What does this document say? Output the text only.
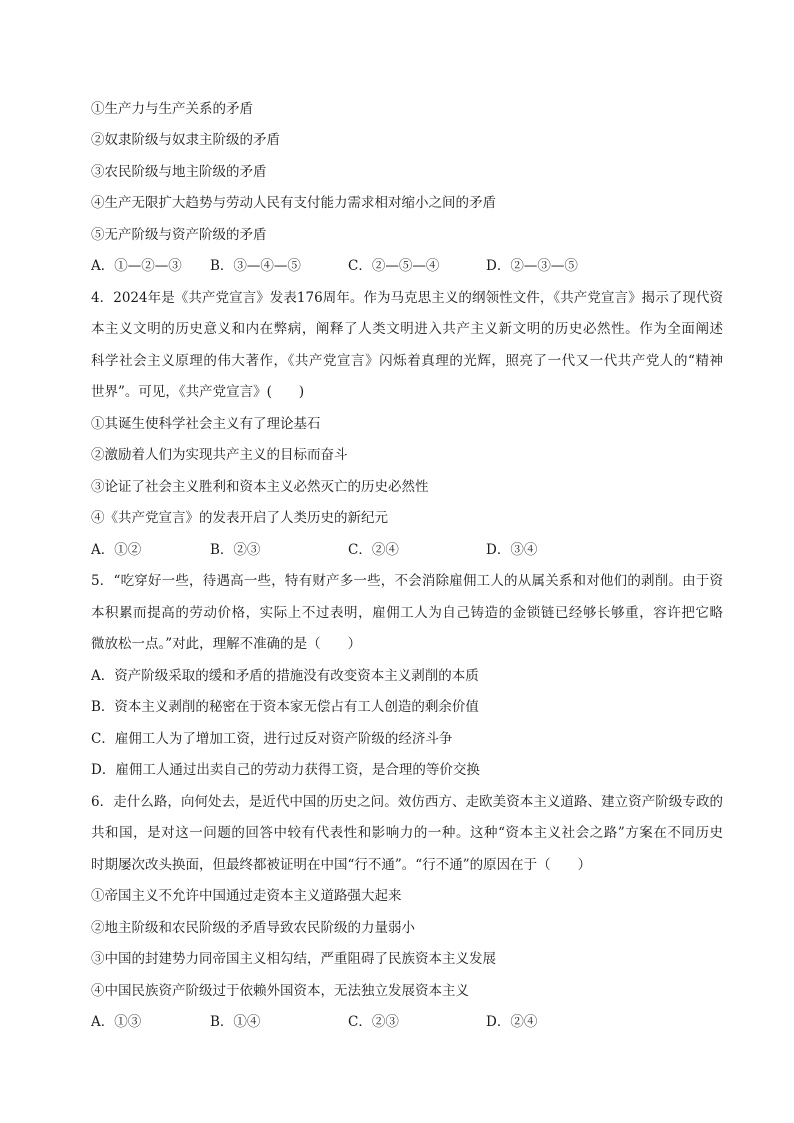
①生产力与生产关系的矛盾
②奴隶阶级与奴隶主阶级的矛盾
③农民阶级与地主阶级的矛盾
④生产无限扩大趋势与劳动人民有支付能力需求相对缩小之间的矛盾
⑤无产阶级与资产阶级的矛盾
A．①—②—③ B．③—④—⑤	C．②—⑤—④	D．②—③—⑤
4．2024年是《共产党宣言》发表176周年。作为马克思主义的纲领性文件，《共产党宣言》揭示了现代资
本主义文明的历史意义和内在弊病，阐释了人类文明进入共产主义新文明的历史必然性。作为全面阐述
科学社会主义原理的伟大著作，《共产党宣言》闪烁着真理的光辉，照亮了一代又一代共产党人的“精神
世界”。可见，《共产党宣言》(　　)
①其诞生使科学社会主义有了理论基石
②激励着人们为实现共产主义的目标而奋斗
③论证了社会主义胜利和资本主义必然灭亡的历史必然性
④《共产党宣言》的发表开启了人类历史的新纪元
A．①②	B．②③	C．②④	D．③④
5．“吃穿好一些，待遇高一些，特有财产多一些，不会消除雇佣工人的从属关系和对他们的剥削。由于资
本积累而提高的劳动价格，实际上不过表明，雇佣工人为自己铸造的金锁链已经够长够重，容许把它略
微放松一点。”对此，理解不准确的是（　　）
A．资产阶级采取的缓和矛盾的措施没有改变资本主义剥削的本质
B．资本主义剥削的秘密在于资本家无偿占有工人创造的剩余价值
C．雇佣工人为了增加工资，进行过反对资产阶级的经济斗争
D．雇佣工人通过出卖自己的劳动力获得工资，是合理的等价交换
6．走什么路，向何处去，是近代中国的历史之问。效仿西方、走欧美资本主义道路、建立资产阶级专政的
共和国，是对这一问题的回答中较有代表性和影响力的一种。这种“资本主义社会之路”方案在不同历史
时期屡次改头换面，但最终都被证明在中国“行不通”。“行不通”的原因在于（　　）
①帝国主义不允许中国通过走资本主义道路强大起来
②地主阶级和农民阶级的矛盾导致农民阶级的力量弱小
③中国的封建势力同帝国主义相勾结，严重阻碍了民族资本主义发展
④中国民族资产阶级过于依赖外国资本，无法独立发展资本主义
A．①③	B．①④	C．②③	D．②④
